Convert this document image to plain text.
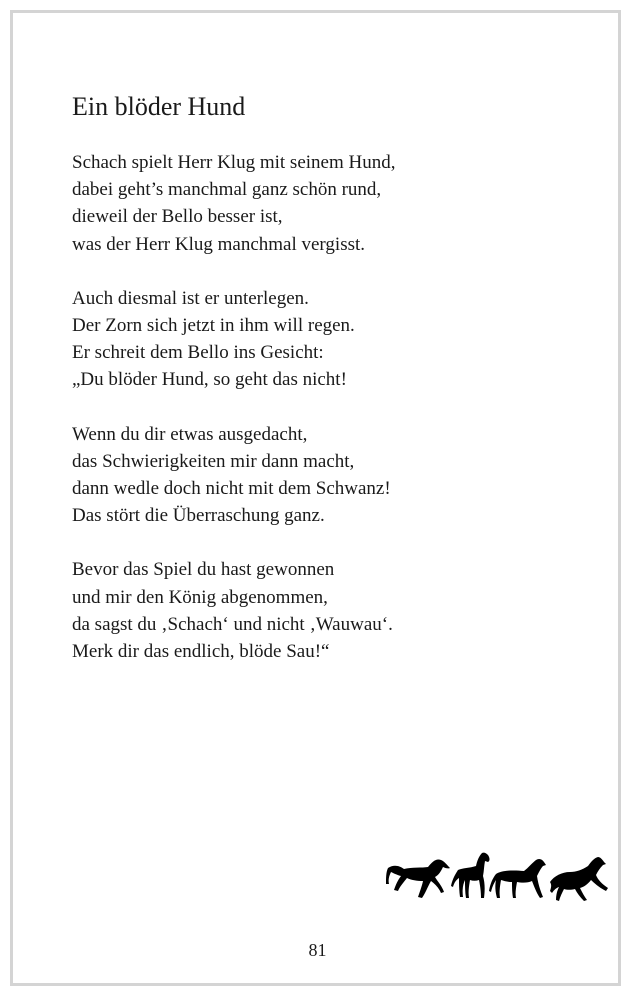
Ein blöder Hund
Schach spielt Herr Klug mit seinem Hund,
dabei geht’s manchmal ganz schön rund,
dieweil der Bello besser ist,
was der Herr Klug manchmal vergisst.
Auch diesmal ist er unterlegen.
Der Zorn sich jetzt in ihm will regen.
Er schreit dem Bello ins Gesicht:
„Du blöder Hund, so geht das nicht!
Wenn du dir etwas ausgedacht,
das Schwierigkeiten mir dann macht,
dann wedle doch nicht mit dem Schwanz!
Das stört die Überraschung ganz.
Bevor das Spiel du hast gewonnen
und mir den König abgenommen,
da sagst du ‚Schach‘ und nicht ‚Wauwau‘.
Merk dir das endlich, blöde Sau!“
81
